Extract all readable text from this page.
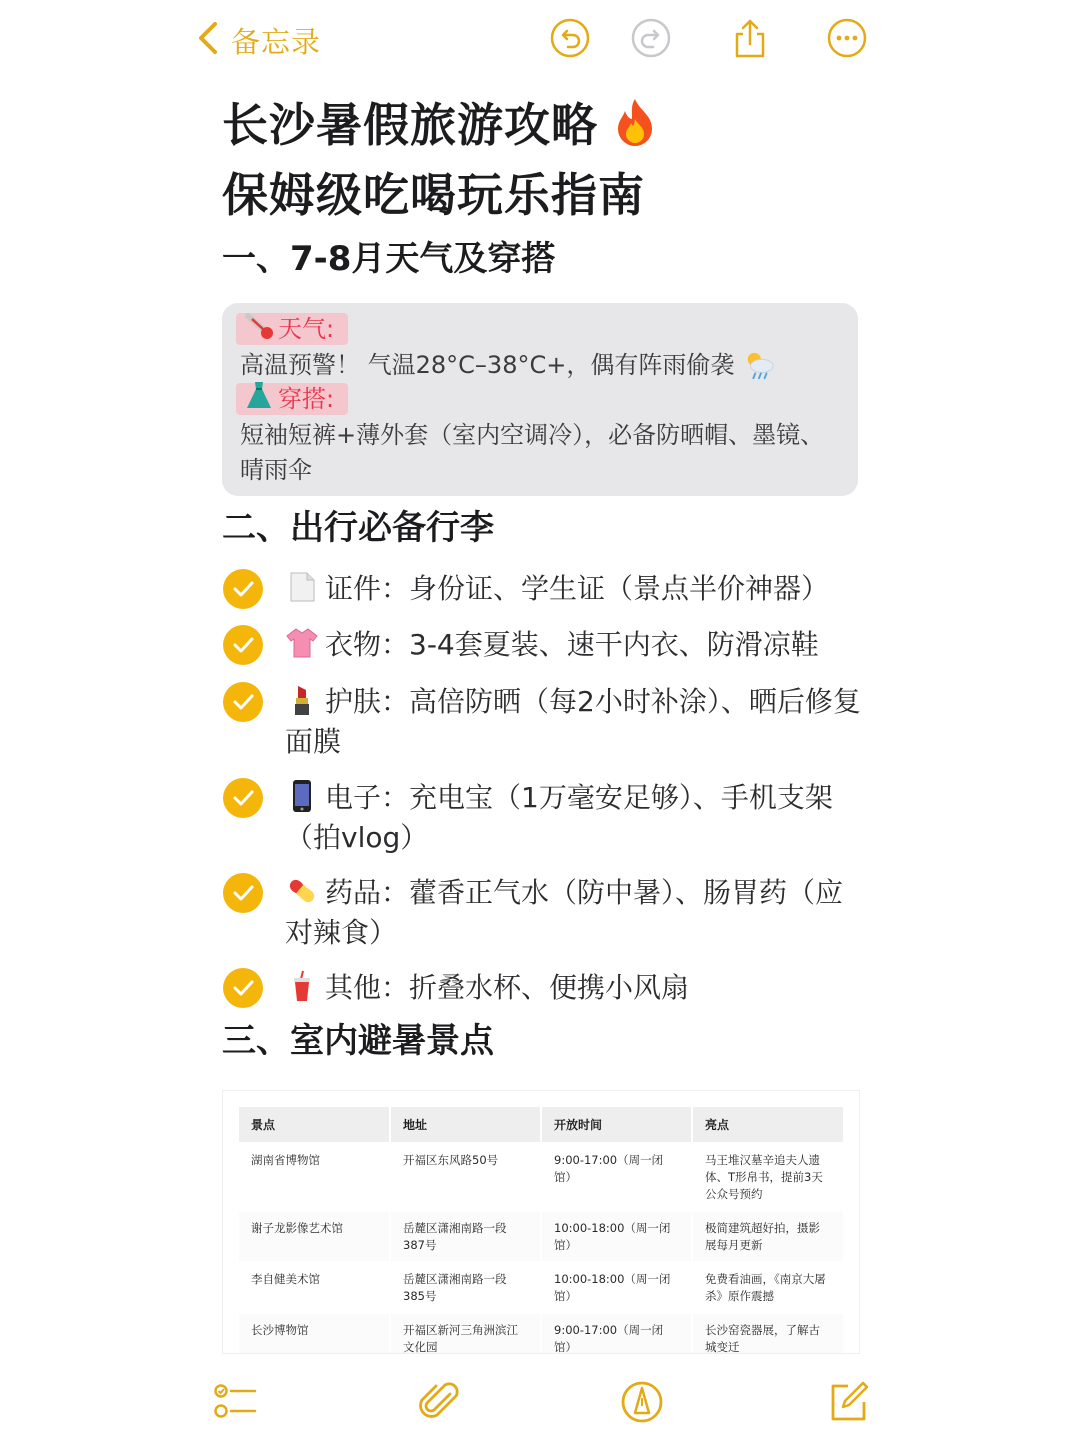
备忘录
长沙暑假旅游攻略
保姆级吃喝玩乐指南
一、7-8月天气及穿搭
天气:
高温预警！ 气温28°C–38°C+，偶有阵雨偷袭
穿搭:
短袖短裤+薄外套（室内空调冷），必备防晒帽、墨镜、晴雨伞
二、出行必备行李
证件：身份证、学生证（景点半价神器）
衣物：3-4套夏装、速干内衣、防滑凉鞋
护肤：高倍防晒（每2小时补涂）、晒后修复面膜
电子：充电宝（1万毫安足够）、手机支架（拍vlog）
药品：藿香正气水（防中暑）、肠胃药（应对辣食）
其他：折叠水杯、便携小风扇
三、室内避暑景点
景点	地址	开放时间	亮点
湖南省博物馆	开福区东风路50号	9:00-17:00（周一闭馆）	马王堆汉墓辛追夫人遗体、T形帛书，提前3天公众号预约
谢子龙影像艺术馆	岳麓区潇湘南路一段387号	10:00-18:00（周一闭馆）	极简建筑超好拍，摄影展每月更新
李自健美术馆	岳麓区潇湘南路一段385号	10:00-18:00（周一闭馆）	免费看油画，《南京大屠杀》原作震撼
长沙博物馆	开福区新河三角洲滨江文化园	9:00-17:00（周一闭馆）	长沙窑瓷器展，了解古城变迁
